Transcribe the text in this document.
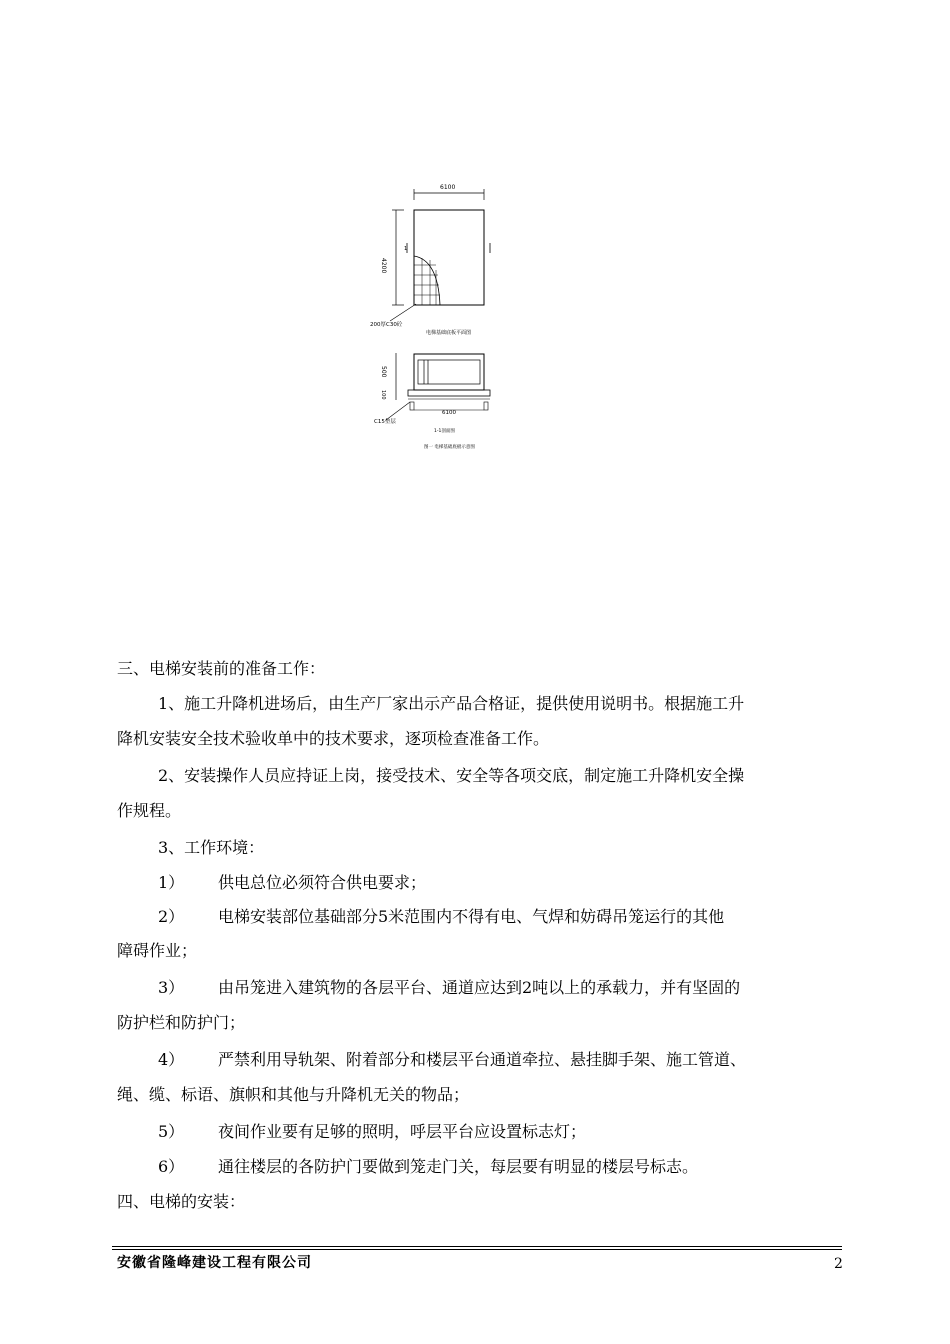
6100
4200
1
200厚C30砼
电梯基础底板平面图
500
100
6100
C15垫层
1-1剖面图
图一 电梯基础底板示意图
三、电梯安装前的准备工作：
1、施工升降机进场后，由生产厂家出示产品合格证，提供使用说明书。根据施工升
降机安装安全技术验收单中的技术要求，逐项检查准备工作。
2、安装操作人员应持证上岗，接受技术、安全等各项交底，制定施工升降机安全操
作规程。
3、工作环境：
1） 供电总位必须符合供电要求；
2） 电梯安装部位基础部分5米范围内不得有电、气焊和妨碍吊笼运行的其他
障碍作业；
3） 由吊笼进入建筑物的各层平台、通道应达到2吨以上的承载力，并有坚固的
防护栏和防护门；
4） 严禁利用导轨架、附着部分和楼层平台通道牵拉、悬挂脚手架、施工管道、
绳、缆、标语、旗帜和其他与升降机无关的物品；
5） 夜间作业要有足够的照明，呼层平台应设置标志灯；
6） 通往楼层的各防护门要做到笼走门关，每层要有明显的楼层号标志。
四、电梯的安装：
安徽省隆峰建设工程有限公司	2
